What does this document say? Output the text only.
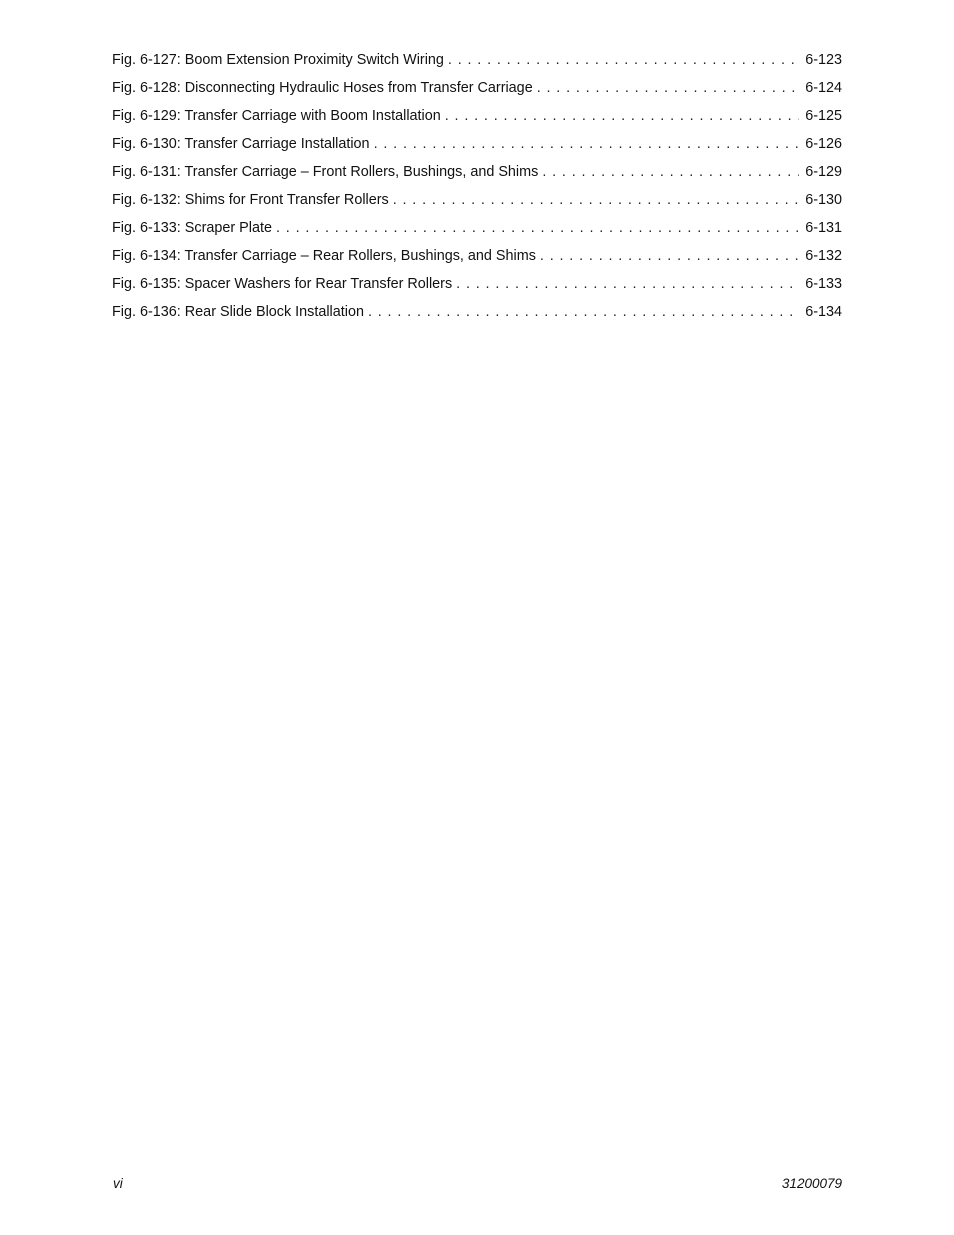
Fig. 6-127: Boom Extension Proximity Switch Wiring . . .	6-123
Fig. 6-128: Disconnecting Hydraulic Hoses from Transfer Carriage . . .	6-124
Fig. 6-129: Transfer Carriage with Boom Installation . . .	6-125
Fig. 6-130: Transfer Carriage Installation . . .	6-126
Fig. 6-131: Transfer Carriage – Front Rollers, Bushings, and Shims . . .	6-129
Fig. 6-132: Shims for Front Transfer Rollers . . .	6-130
Fig. 6-133: Scraper Plate . . .	6-131
Fig. 6-134: Transfer Carriage – Rear Rollers, Bushings, and Shims . . .	6-132
Fig. 6-135: Spacer Washers for Rear Transfer Rollers . . .	6-133
Fig. 6-136: Rear Slide Block Installation . . .	6-134
vi	31200079
